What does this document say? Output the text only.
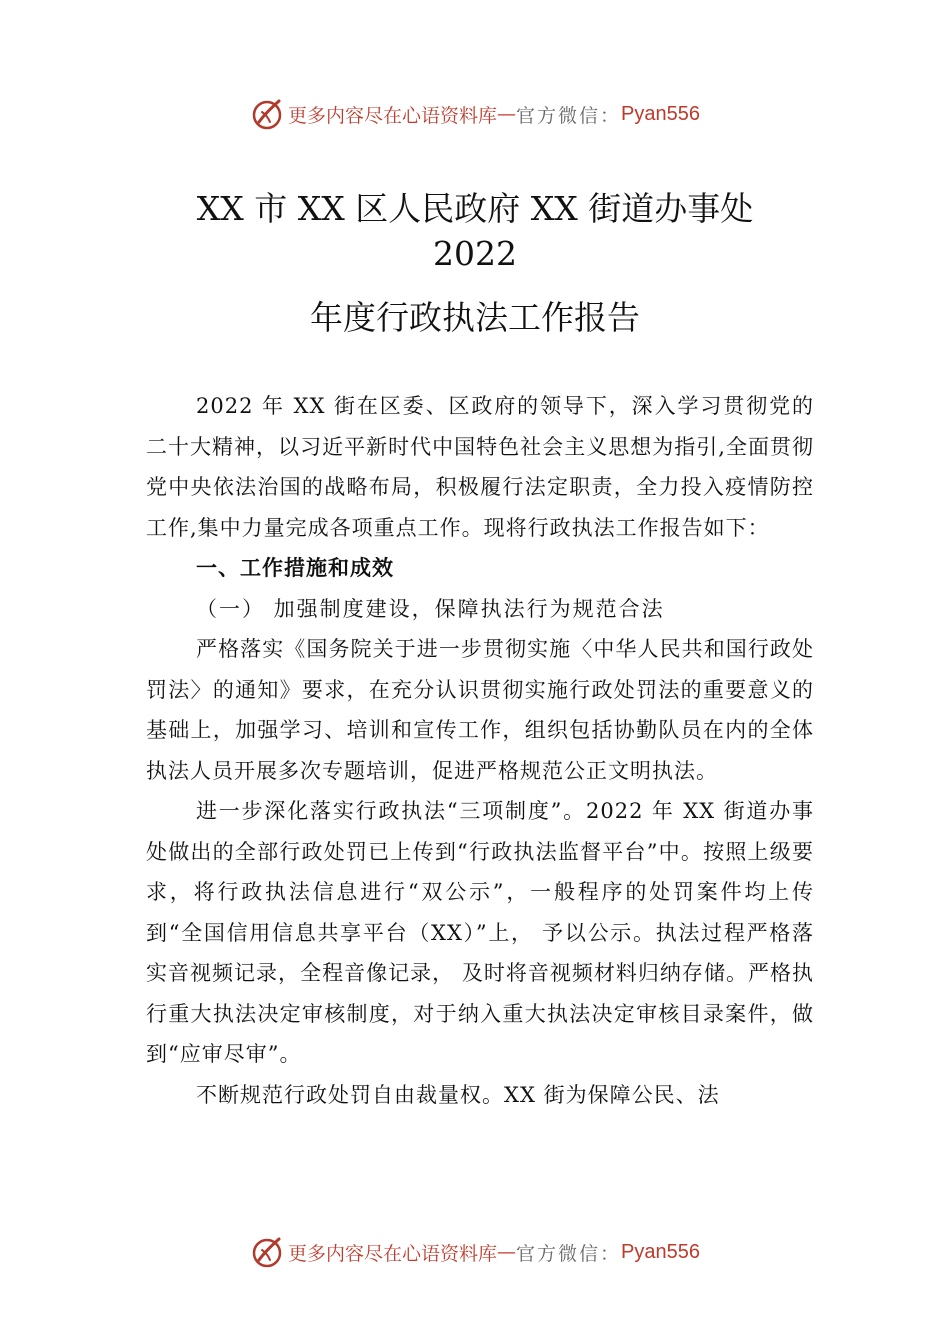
更多内容尽在心语资料库 — 官方微信： Pyan556
XX 市 XX 区人民政府 XX 街道办事处
2022
年度行政执法工作报告

2022 年 XX 街在区委、区政府的领导下，深入学习贯彻党的二十大精神，以习近平新时代中国特色社会主义思想为指引,全面贯彻党中央依法治国的战略布局，积极履行法定职责，全力投入疫情防控工作,集中力量完成各项重点工作。现将行政执法工作报告如下：

一、工作措施和成效

（一） 加强制度建设，保障执法行为规范合法

严格落实《国务院关于进一步贯彻实施〈中华人民共和国行政处罚法〉的通知》要求，在充分认识贯彻实施行政处罚法的重要意义的基础上，加强学习、培训和宣传工作，组织包括协勤队员在内的全体执法人员开展多次专题培训，促进严格规范公正文明执法。

进一步深化落实行政执法“三项制度”。2022 年 XX 街道办事处做出的全部行政处罚已上传到“行政执法监督平台”中。按照上级要求，将行政执法信息进行“双公示”，一般程序的处罚案件均上传到“全国信用信息共享平台（XX）”上， 予以公示。执法过程严格落实音视频记录，全程音像记录， 及时将音视频材料归纳存储。严格执行重大执法决定审核制度，对于纳入重大执法决定审核目录案件，做到“应审尽审”。

不断规范行政处罚自由裁量权。XX 街为保障公民、法

更多内容尽在心语资料库 — 官方微信： Pyan556
